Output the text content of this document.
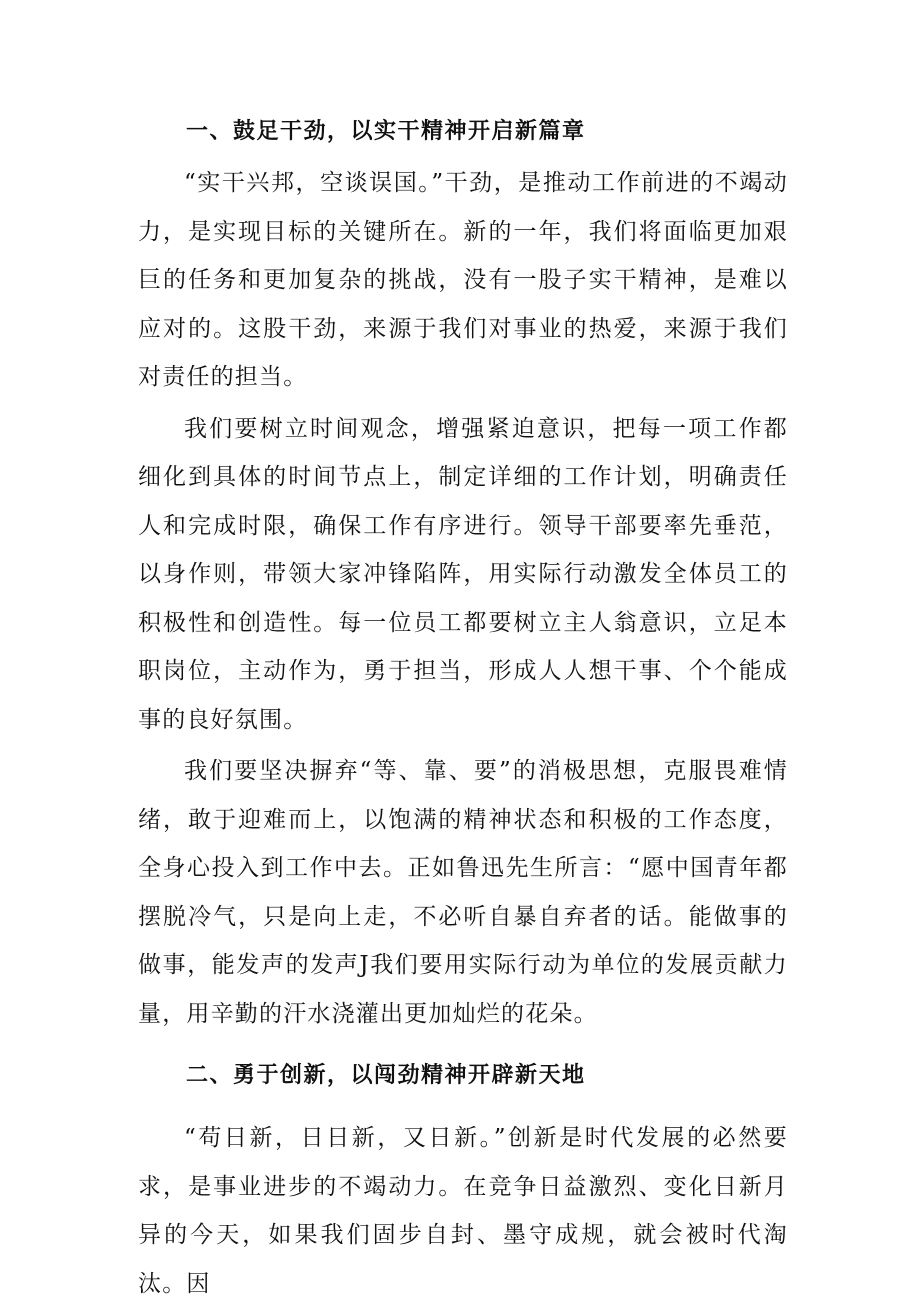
一、鼓足干劲，以实干精神开启新篇章

“实干兴邦，空谈误国。”干劲，是推动工作前进的不竭动力，是实现目标的关键所在。新的一年，我们将面临更加艰巨的任务和更加复杂的挑战，没有一股子实干精神，是难以应对的。这股干劲，来源于我们对事业的热爱，来源于我们对责任的担当。

我们要树立时间观念，增强紧迫意识，把每一项工作都细化到具体的时间节点上，制定详细的工作计划，明确责任人和完成时限，确保工作有序进行。领导干部要率先垂范，以身作则，带领大家冲锋陷阵，用实际行动激发全体员工的积极性和创造性。每一位员工都要树立主人翁意识，立足本职岗位，主动作为，勇于担当，形成人人想干事、个个能成事的良好氛围。

我们要坚决摒弃“等、靠、要”的消极思想，克服畏难情绪，敢于迎难而上，以饱满的精神状态和积极的工作态度，全身心投入到工作中去。正如鲁迅先生所言：“愿中国青年都摆脱冷气，只是向上走，不必听自暴自弃者的话。能做事的做事，能发声的发声J我们要用实际行动为单位的发展贡献力量，用辛勤的汗水浇灌出更加灿烂的花朵。

二、勇于创新，以闯劲精神开辟新天地

“苟日新，日日新，又日新。”创新是时代发展的必然要求，是事业进步的不竭动力。在竞争日益激烈、变化日新月异的今天，如果我们固步自封、墨守成规，就会被时代淘汰。因
